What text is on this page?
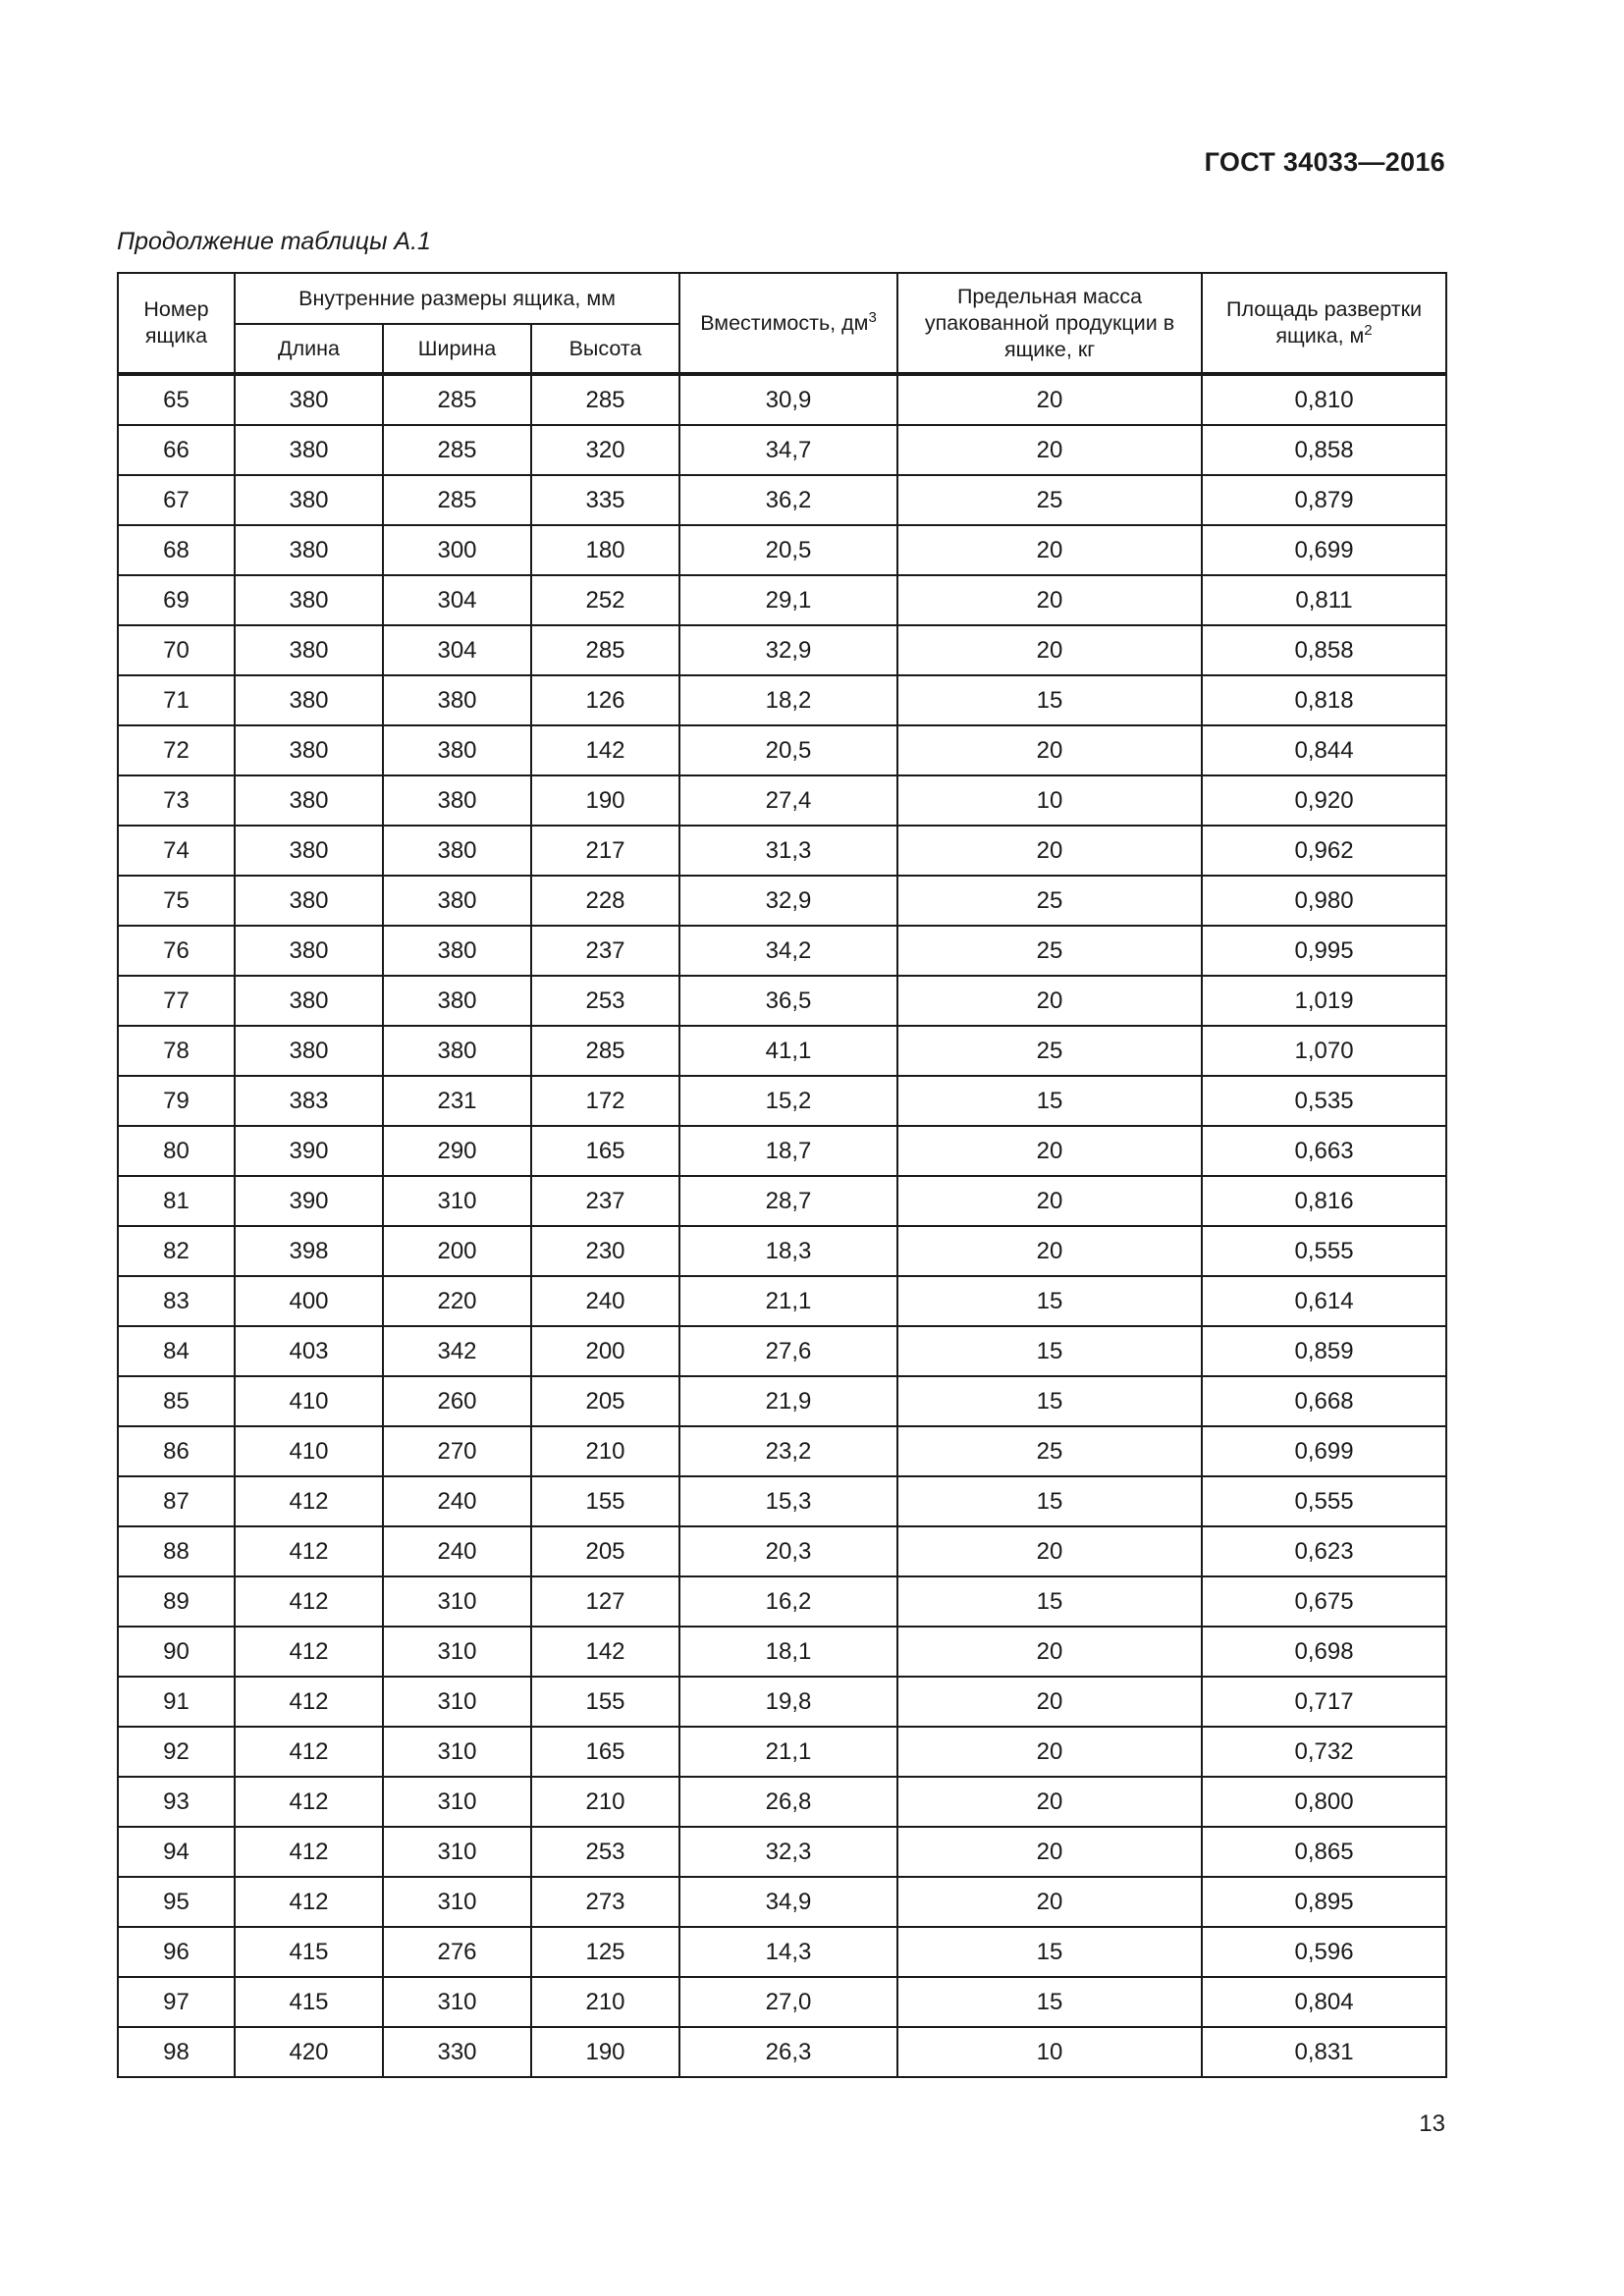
ГОСТ 34033—2016
Продолжение таблицы А.1
Номер ящика	Внутренние размеры ящика, мм			Вместимость, $дм^3$	Предельная масса упакованной продукции в ящике, кг	Площадь развертки ящика, $м^2$
	Длина	Ширина	Высота			
65	380	285	285	30,9	20	0,810
66	380	285	320	34,7	20	0,858
67	380	285	335	36,2	25	0,879
68	380	300	180	20,5	20	0,699
69	380	304	252	29,1	20	0,811
70	380	304	285	32,9	20	0,858
71	380	380	126	18,2	15	0,818
72	380	380	142	20,5	20	0,844
73	380	380	190	27,4	10	0,920
74	380	380	217	31,3	20	0,962
75	380	380	228	32,9	25	0,980
76	380	380	237	34,2	25	0,995
77	380	380	253	36,5	20	1,019
78	380	380	285	41,1	25	1,070
79	383	231	172	15,2	15	0,535
80	390	290	165	18,7	20	0,663
81	390	310	237	28,7	20	0,816
82	398	200	230	18,3	20	0,555
83	400	220	240	21,1	15	0,614
84	403	342	200	27,6	15	0,859
85	410	260	205	21,9	15	0,668
86	410	270	210	23,2	25	0,699
87	412	240	155	15,3	15	0,555
88	412	240	205	20,3	20	0,623
89	412	310	127	16,2	15	0,675
90	412	310	142	18,1	20	0,698
91	412	310	155	19,8	20	0,717
92	412	310	165	21,1	20	0,732
93	412	310	210	26,8	20	0,800
94	412	310	253	32,3	20	0,865
95	412	310	273	34,9	20	0,895
96	415	276	125	14,3	15	0,596
97	415	310	210	27,0	15	0,804
98	420	330	190	26,3	10	0,831
13
